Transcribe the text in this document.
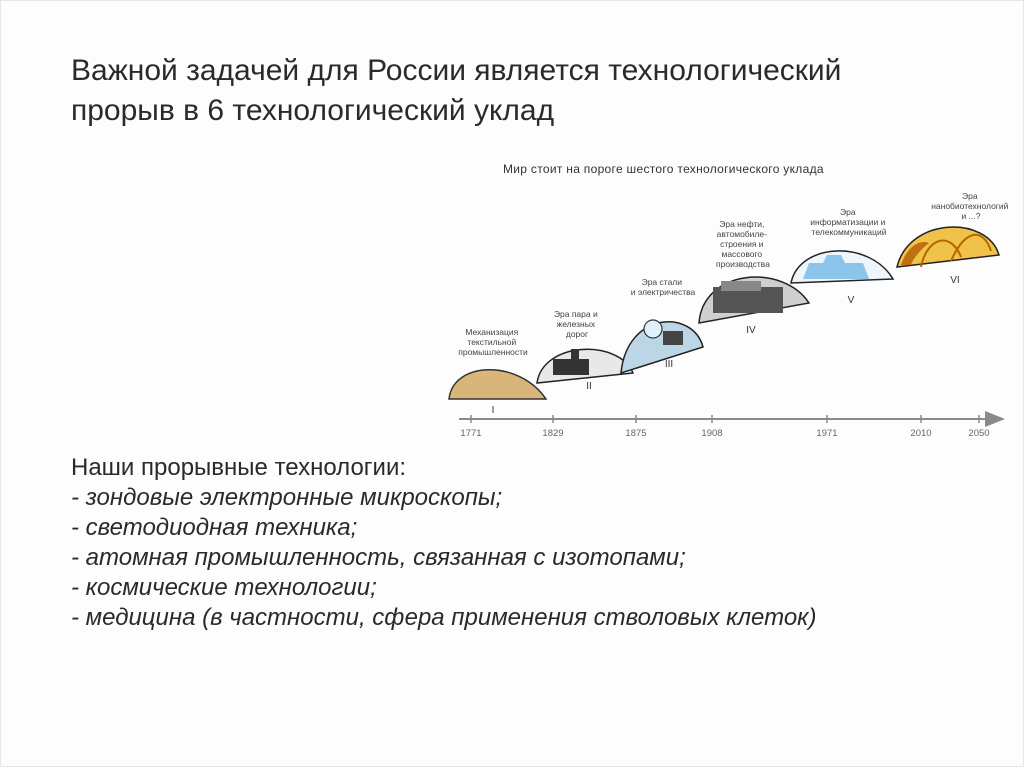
Важной задачей для России является технологический
прорыв в 6 технологический уклад
Мир стоит на пороге шестого технологического уклада
1771	1829	1875	1908	1971	2010	2050
I
Механизация текстильной промышленности
II
Эра пара и железных дорог
III
Эра стали и электричества
IV
Эра нефти, автомобиле- строения и массового производства
V
Эра информатизации и телекоммуникаций
VI
Эра нанобиотехнологий и ...?
Наши прорывные технологии:
- зондовые электронные микроскопы;
- светодиодная техника;
- атомная промышленность, связанная с изотопами;
- космические технологии;
- медицина (в частности, сфера применения стволовых клеток)
